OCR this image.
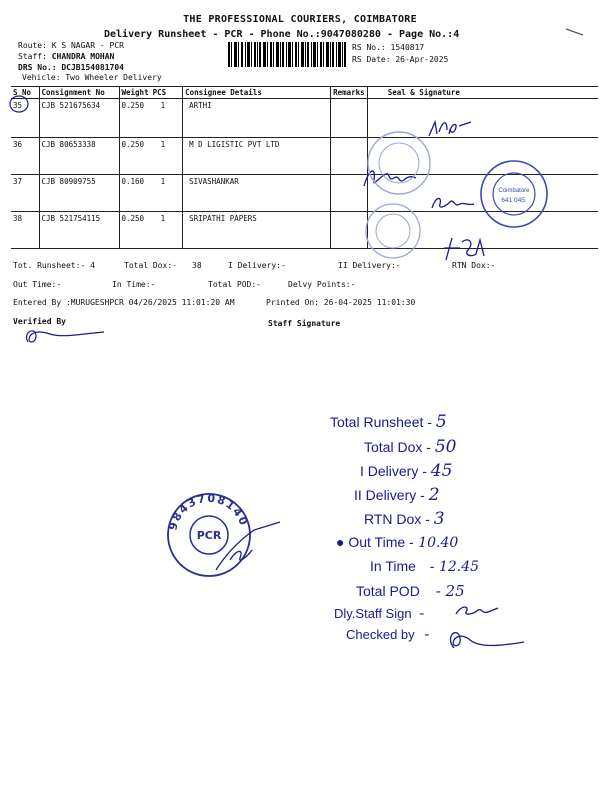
THE PROFESSIONAL COURIERS, COIMBATORE
Delivery Runsheet - PCR - Phone No.:9047080280 - Page No.:4
Route: K S NAGAR - PCR
Staff: CHANDRA MOHAN
DRS No.: DCJB154081704
Vehicle: Two Wheeler Delivery
RS No.: 1540817
RS Date: 26-Apr-2025
S No	Consignment No	Weight	PCS	Consignee Details	Remarks	Seal & Signature
35	CJB 521675634	0.250	1	ARTHI		
36	CJB 80653338	0.250	1	M D LIGISTIC PVT LTD		
37	CJB 80909755	0.160	1	SIVASHANKAR		
38	CJB 521754115	0.250	1	SRIPATHI PAPERS		
Tot. Runsheet:- 4	Total Dox:- 38	I Delivery:-	II Delivery:-	RTN Dox:-
Out Time:-	In Time:-	Total POD:-	Delvy Points:-
Entered By :MURUGESHPCR 04/26/2025 11:01:20 AM	Printed On: 26-04-2025 11:01:30
Verified By	Staff Signature
Coimbatore
641 045.
Total Runsheet - 5
Total Dox - 50
I Delivery - 45
II Delivery - 2
RTN Dox - 3
● Out Time - 10.40
In Time - 12.45
Total POD - 25
Dly.Staff Sign -
Checked by -
9843708140
PCR
